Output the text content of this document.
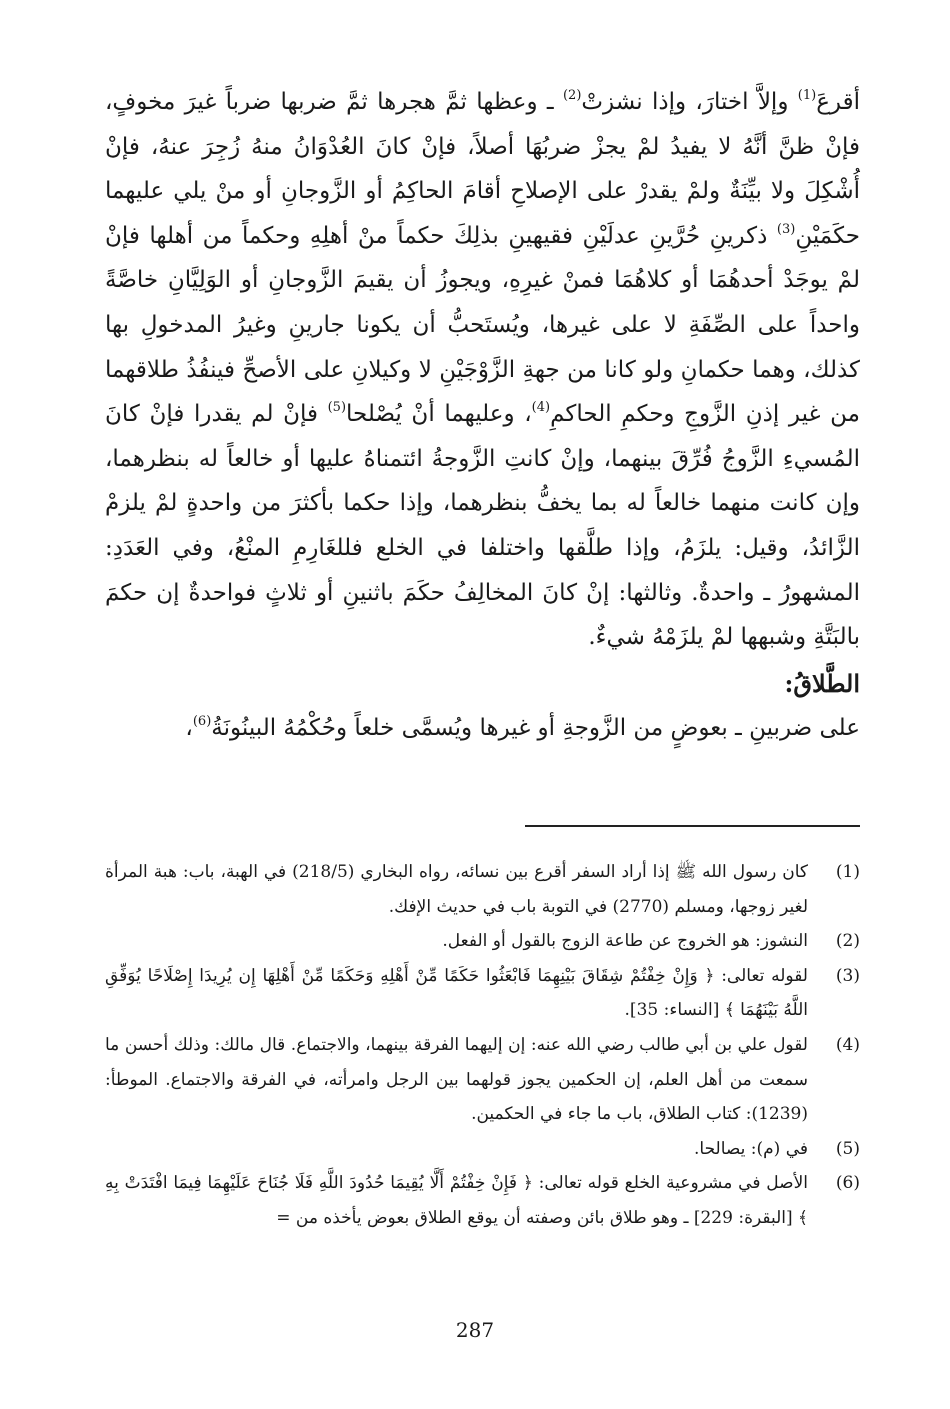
أقرعَ$^{(1)}$ وإلاَّ اختارَ، وإذا نشزتْ$^{(2)}$ ـ وعظها ثمَّ هجرها ثمَّ ضربها ضرباً غيرَ مخوفٍ، فإنْ ظنَّ أنَّهُ لا يفيدُ لمْ يجزْ ضربُهَا أصلاً، فإنْ كانَ العُدْوَانُ منهُ زُجِرَ عنهُ، فإنْ أُشْكِلَ ولا بيِّنَةٌ ولمْ يقدرْ على الإصلاحِ أقامَ الحاكِمُ أو الزَّوجانِ أو منْ يلي عليهما حكَمَيْنِ$^{(3)}$ ذكرينِ حُرَّينِ عدلَيْنِ فقيهينِ بذلِكَ حكماً منْ أهلِهِ وحكماً من أهلها فإنْ لمْ يوجَدْ أحدهُمَا أو كلاهُمَا فمنْ غيرِهِ، ويجوزُ أن يقيمَ الزَّوجانِ أو الوَلِيَّانِ خاصَّةً واحداً على الصِّفَةِ لا على غيرها، ويُستَحبُّ أن يكونا جارينِ وغيرُ المدخولِ بها كذلك، وهما حكمانِ ولو كانا من جهةِ الزَّوْجَيْنِ لا وكيلانِ على الأصحِّ فينفُذُ طلاقهما من غير إذنِ الزَّوجِ وحكمِ الحاكمِ$^{(4)}$، وعليهما أنْ يُصْلحا$^{(5)}$ فإنْ لم يقدرا فإنْ كانَ المُسيءِ الزَّوجُ فُرِّقَ بينهما، وإنْ كانتِ الزَّوجةُ ائتمناهُ عليها أو خالعاً له بنظرهما، وإن كانت منهما خالعاً له بما يخفُّ بنظرهما، وإذا حكما بأكثرَ من واحدةٍ لمْ يلزمْ الزَّائدُ، وقيل: يلزَمُ، وإذا طلَّقها واختلفا في الخلع فللغَارِمِ المنْعُ، وفي العَدَدِ: المشهورُ ـ واحدةٌ. وثالثها: إنْ كانَ المخالِفُ حكَمَ باثنينِ أو ثلاثٍ فواحدةٌ إن حكمَ بالبَتَّةِ وشبهها لمْ يلزَمْهُ شيءٌ.

الطَّلاقُ:

على ضربينِ ـ بعوضٍ من الزَّوجةِ أو غيرها ويُسمَّى خلعاً وحُكْمُهُ البينُونَةُ$^{(6)}$،

(1)
كان رسول الله ﷺ إذا أراد السفر أقرع بين نسائه، رواه البخاري (218/5) في الهبة، باب: هبة المرأة لغير زوجها، ومسلم (2770) في التوبة باب في حديث الإفك.
(2)
النشوز: هو الخروج عن طاعة الزوج بالقول أو الفعل.
(3)
لقوله تعالى: ﴿ وَإِنْ خِفْتُمْ شِقَاقَ بَيْنِهِمَا فَابْعَثُوا حَكَمًا مِّنْ أَهْلِهِ وَحَكَمًا مِّنْ أَهْلِهَا إِن يُرِيدَا إِصْلَاحًا يُوَفِّقِ اللَّهُ بَيْنَهُمَا ﴾ [النساء: 35].
(4)
لقول علي بن أبي طالب رضي الله عنه: إن إليهما الفرقة بينهما، والاجتماع. قال مالك: وذلك أحسن ما سمعت من أهل العلم، إن الحكمين يجوز قولهما بين الرجل وامرأته، في الفرقة والاجتماع. الموطأ: (1239): كتاب الطلاق، باب ما جاء في الحكمين.
(5)
في (م): يصالحا.
(6)
الأصل في مشروعية الخلع قوله تعالى: ﴿ فَإِنْ خِفْتُمْ أَلَّا يُقِيمَا حُدُودَ اللَّهِ فَلَا جُنَاحَ عَلَيْهِمَا فِيمَا افْتَدَتْ بِهِ ﴾ [البقرة: 229] ـ وهو طلاق بائن وصفته أن يوقع الطلاق بعوض يأخذه من =
287
